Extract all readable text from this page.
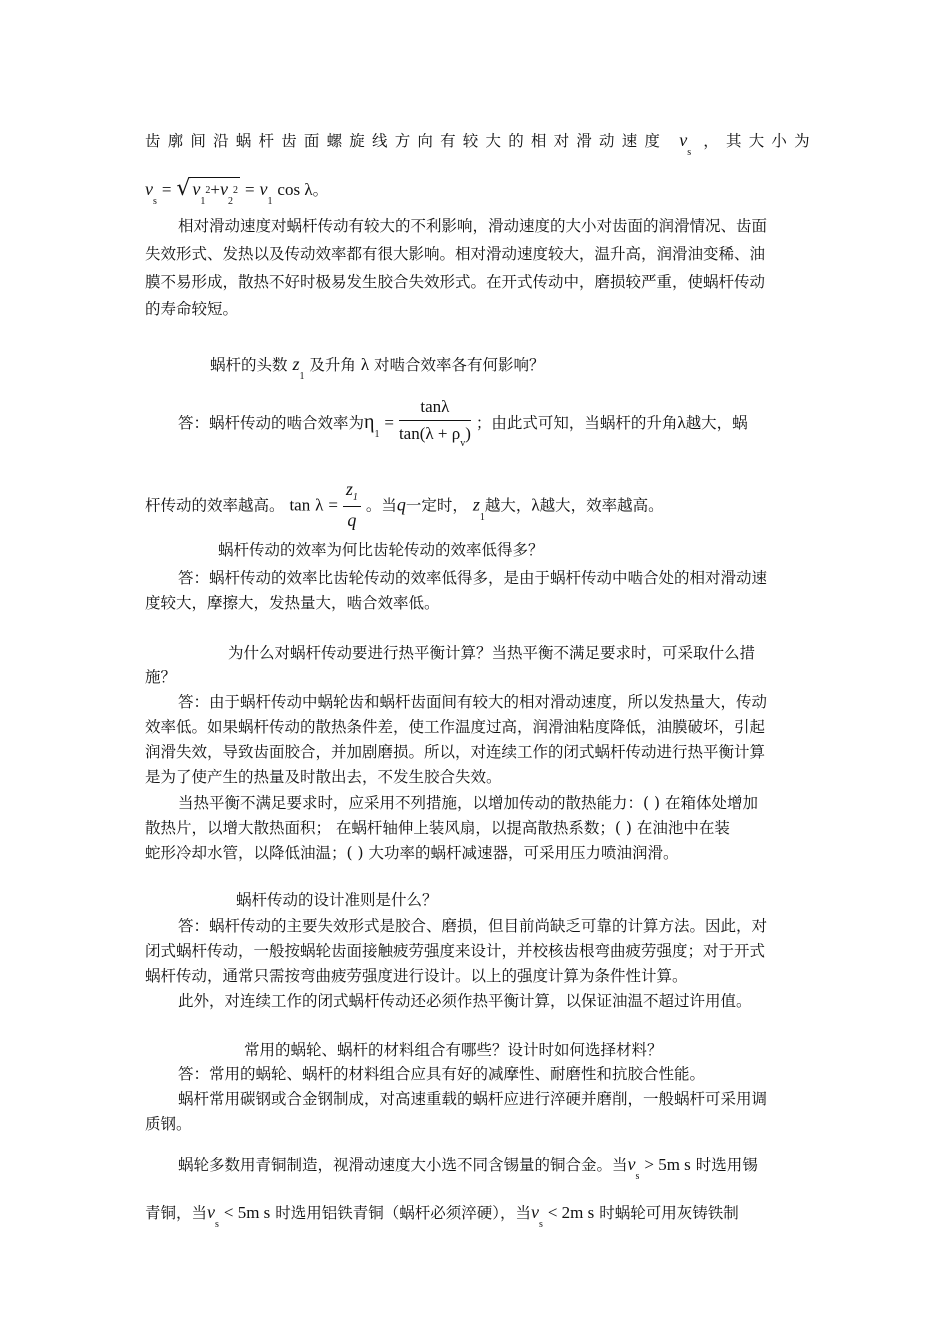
齿廓间沿蜗杆齿面螺旋线方向有较大的相对滑动速度 $v_s$ ，其大小为
$v_s$ = √ $v_12+v_22 = v_1$ cos λ。
相对滑动速度对蜗杆传动有较大的不利影响，滑动速度的大小对齿面的润滑情况、齿面
失效形式、发热以及传动效率都有很大影响。相对滑动速度较大，温升高，润滑油变稀、油
膜不易形成，散热不好时极易发生胶合失效形式。在开式传动中，磨损较严重，使蜗杆传动
的寿命较短。
蜗杆的头数 $z_1$ 及升角 λ 对啮合效率各有何影响？
答：蜗杆传动的啮合效率为$\eta_1 = \frac{\tan\lambda}{\tan(\lambda + \rho_v)}$ ；由此式可知，当蜗杆的升角λ越大，蜗
杆传动的效率越高。 $\tan \lambda = \frac{z_1}{q}$ 。当q一定时， $z_1$越大，λ越大，效率越高。
蜗杆传动的效率为何比齿轮传动的效率低得多？
答：蜗杆传动的效率比齿轮传动的效率低得多，是由于蜗杆传动中啮合处的相对滑动速
度较大，摩擦大，发热量大，啮合效率低。
为什么对蜗杆传动要进行热平衡计算？当热平衡不满足要求时，可采取什么措
施？
答：由于蜗杆传动中蜗轮齿和蜗杆齿面间有较大的相对滑动速度，所以发热量大，传动
效率低。如果蜗杆传动的散热条件差，使工作温度过高，润滑油粘度降低，油膜破坏，引起
润滑失效，导致齿面胶合，并加剧磨损。所以，对连续工作的闭式蜗杆传动进行热平衡计算
是为了使产生的热量及时散出去，不发生胶合失效。
当热平衡不满足要求时，应采用不列措施，以增加传动的散热能力：( ) 在箱体处增加
散热片，以增大散热面积； 在蜗杆轴伸上装风扇，以提高散热系数；( ) 在油池中在装
蛇形冷却水管，以降低油温；( ) 大功率的蜗杆减速器，可采用压力喷油润滑。
蜗杆传动的设计准则是什么？
答：蜗杆传动的主要失效形式是胶合、磨损，但目前尚缺乏可靠的计算方法。因此，对
闭式蜗杆传动，一般按蜗轮齿面接触疲劳强度来设计，并校核齿根弯曲疲劳强度；对于开式
蜗杆传动，通常只需按弯曲疲劳强度进行设计。以上的强度计算为条件性计算。
此外，对连续工作的闭式蜗杆传动还必须作热平衡计算，以保证油温不超过许用值。
常用的蜗轮、蜗杆的材料组合有哪些？设计时如何选择材料？
答：常用的蜗轮、蜗杆的材料组合应具有好的减摩性、耐磨性和抗胶合性能。
蜗杆常用碳钢或合金钢制成，对高速重载的蜗杆应进行淬硬并磨削，一般蜗杆可采用调
质钢。
蜗轮多数用青铜制造，视滑动速度大小选不同含锡量的铜合金。当$v_s > 5m$ s 时选用锡
青铜，当$v_s < 5m$ s 时选用铝铁青铜（蜗杆必须淬硬），当$v_s < 2m$ s 时蜗轮可用灰铸铁制
